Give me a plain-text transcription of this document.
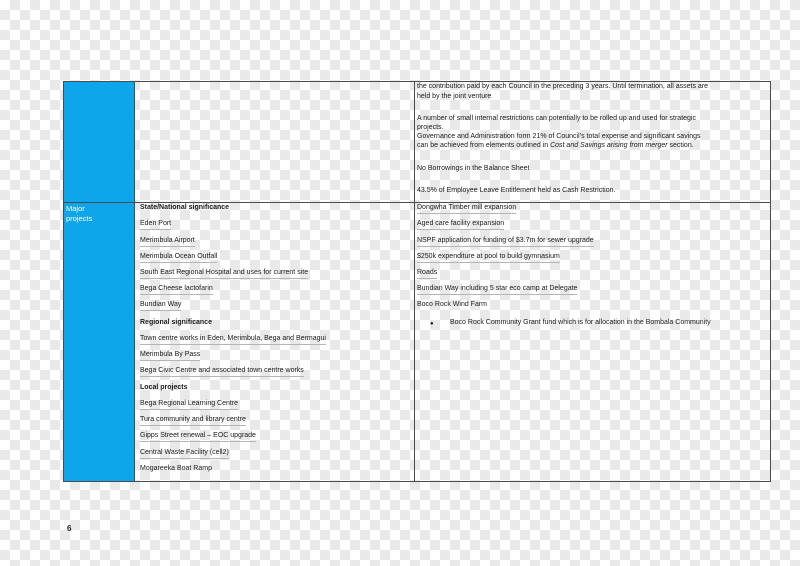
the contribution paid by each Council in the preceding 3 years. Until termination, all assets are
held by the joint venture
A number of small internal restrictions can potentially to be rolled up and used for strategic
projects.
Governance and Administration form 21% of Council’s total expense and significant savings
can be achieved from elements outlined in Cost and Savings arising from merger section.
No Borrowings in the Balance Sheet
43.5% of Employee Leave Entitlement held as Cash Restriction.
Major projects
State/National significance
Eden Port
Merimbula Airport
Merimbula Ocean Outfall
South East Regional Hospital and uses for current site
Bega Cheese lactofarin
Bundian Way
Regional significance
Town centre works in Eden, Merimbula, Bega and Bermagui
Merimbula By Pass
Bega Civic Centre and associated town centre works
Local projects
Bega Regional Learning Centre
Tura community and library centre
Gipps Street renewal – EOC upgrade
Central Waste Facility (cell2)
Mogareeka Boat Ramp
Dongwha Timber mill expansion
Aged care facility expansion
NSPF application for funding of $3.7m for sewer upgrade
$250k expenditure at pool to build gymnasium
Roads
Bundian Way including 5 star eco camp at Delegate
Boco Rock Wind Farm
● Boco Rock Community Grant fund which is for allocation in the Bombala Community
6
